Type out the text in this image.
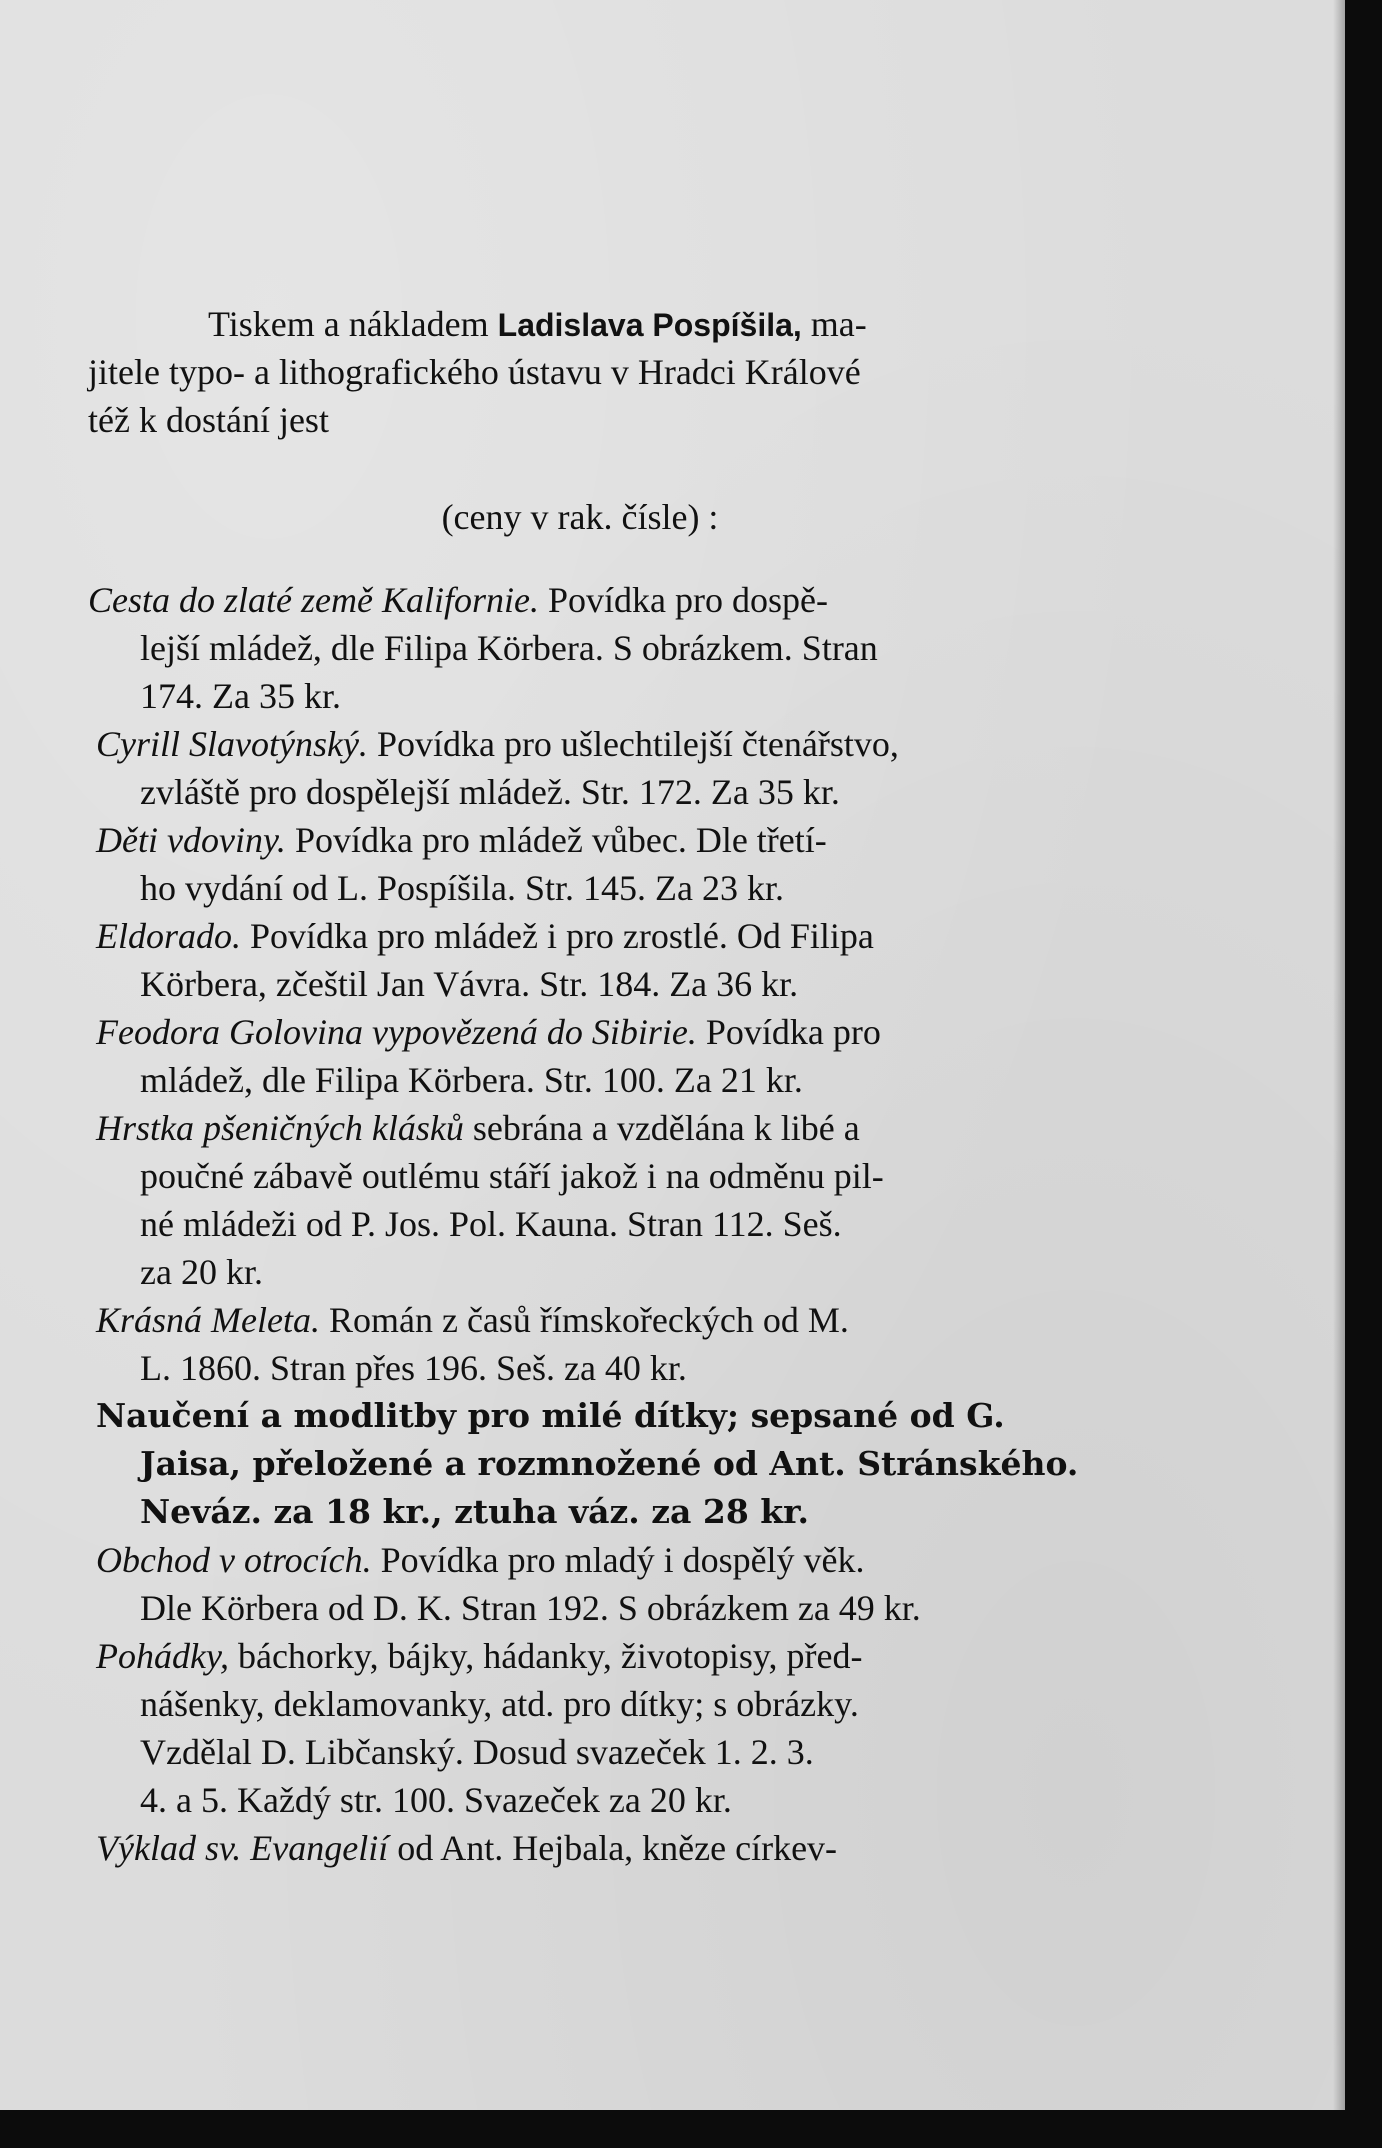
Tiskem a nákladem Ladislava Pospíšila, ma-
jitele typo- a lithografického ústavu v Hradci Králové
též k dostání jest
(ceny v rak. čísle) :
Cesta do zlaté země Kalifornie. Povídka pro dospě-
lejší mládež, dle Filipa Körbera. S obrázkem. Stran
174. Za 35 kr.
Cyrill Slavotýnský. Povídka pro ušlechtilejší čtenářstvo,
zvláště pro dospělejší mládež. Str. 172. Za 35 kr.
Děti vdoviny. Povídka pro mládež vůbec. Dle třetí-
ho vydání od L. Pospíšila. Str. 145. Za 23 kr.
Eldorado. Povídka pro mládež i pro zrostlé. Od Filipa
Körbera, zčeštil Jan Vávra. Str. 184. Za 36 kr.
Feodora Golovina vypovězená do Sibirie. Povídka pro
mládež, dle Filipa Körbera. Str. 100. Za 21 kr.
Hrstka pšeničných klásků sebrána a vzdělána k libé a
poučné zábavě outlému stáří jakož i na odměnu pil-
né mládeži od P. Jos. Pol. Kauna. Stran 112. Seš.
za 20 kr.
Krásná Meleta. Román z časů římskořeckých od M.
L. 1860. Stran přes 196. Seš. za 40 kr.
Naučení a modlitby pro milé dítky; sepsané od G.
Jaisa, přeložené a rozmnožené od Ant. Stránského.
Neváz. za 18 kr., ztuha váz. za 28 kr.
Obchod v otrocích. Povídka pro mladý i dospělý věk.
Dle Körbera od D. K. Stran 192. S obrázkem za 49 kr.
Pohádky, báchorky, bájky, hádanky, životopisy, před-
nášenky, deklamovanky, atd. pro dítky; s obrázky.
Vzdělal D. Libčanský. Dosud svazeček 1. 2. 3.
4. a 5. Každý str. 100. Svazeček za 20 kr.
Výklad sv. Evangelií od Ant. Hejbala, kněze církev-
